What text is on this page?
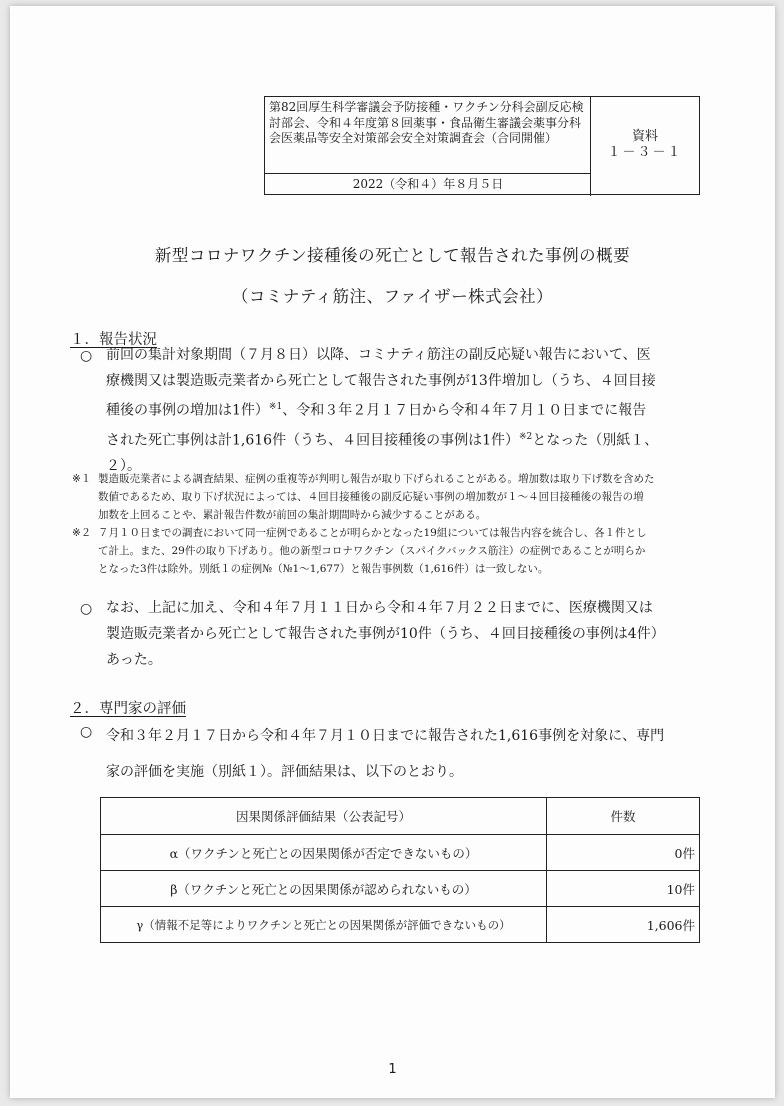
第82回厚生科学審議会予防接種・ワクチン分科会副反応検討部会、令和４年度第８回薬事・食品衛生審議会薬事分科会医薬品等安全対策部会安全対策調査会（合同開催）
2022（令和４）年８月５日
資料
１－３－１
新型コロナワクチン接種後の死亡として報告された事例の概要
（コミナティ筋注、ファイザー株式会社）
１．報告状況
○ 前回の集計対象期間（７月８日）以降、コミナティ筋注の副反応疑い報告において、医
療機関又は製造販売業者から死亡として報告された事例が13件増加し（うち、４回目接
種後の事例の増加は1件）$^{※1}$、令和３年２月１７日から令和４年７月１０日までに報告
された死亡事例は計1,616件（うち、４回目接種後の事例は1件）$^{※2}$となった（別紙１、
２）。
※１ 製造販売業者による調査結果、症例の重複等が判明し報告が取り下げられることがある。増加数は取り下げ数を含めた
数値であるため、取り下げ状況によっては、４回目接種後の副反応疑い事例の増加数が１～４回目接種後の報告の増
加数を上回ることや、累計報告件数が前回の集計期間時から減少することがある。
※２ ７月１０日までの調査において同一症例であることが明らかとなった19組については報告内容を統合し、各１件とし
て計上。また、29件の取り下げあり。他の新型コロナワクチン（スパイクバックス筋注）の症例であることが明らか
となった3件は除外。別紙１の症例№（№1～1,677）と報告事例数（1,616件）は一致しない。
○ なお、上記に加え、令和４年７月１１日から令和４年７月２２日までに、医療機関又は
製造販売業者から死亡として報告された事例が10件（うち、４回目接種後の事例は4件）
あった。
２．専門家の評価
○ 令和３年２月１７日から令和４年７月１０日までに報告された1,616事例を対象に、専門
家の評価を実施（別紙１）。評価結果は、以下のとおり。
因果関係評価結果（公表記号）	件数
α（ワクチンと死亡との因果関係が否定できないもの）	0件
β（ワクチンと死亡との因果関係が認められないもの）	10件
γ（情報不足等によりワクチンと死亡との因果関係が評価できないもの）	1,606件
1
